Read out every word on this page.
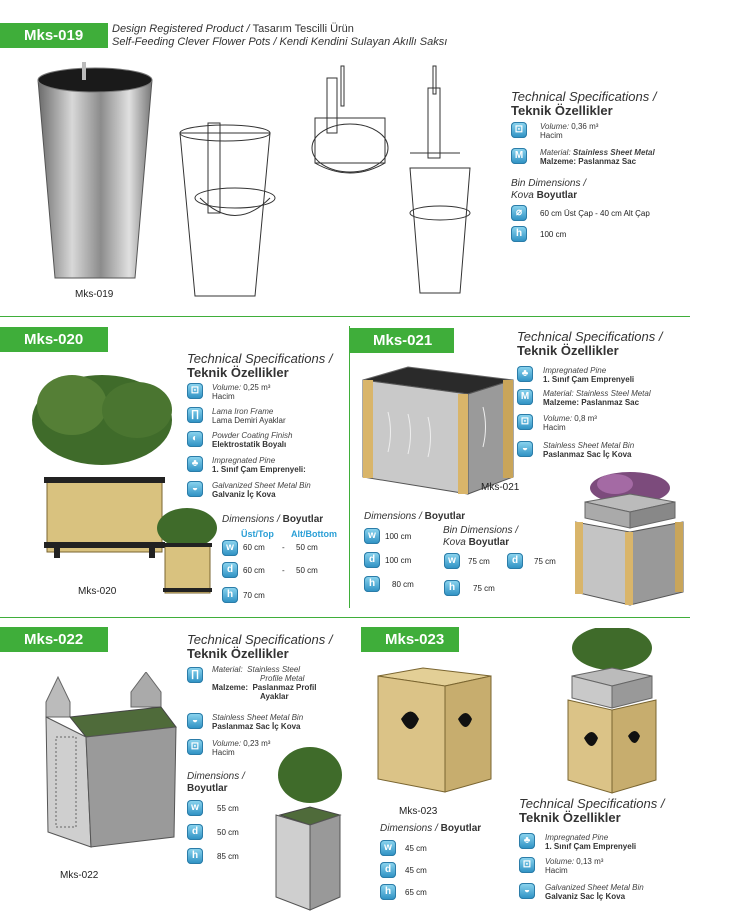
Mks-019	Design Registered Product / Tasarım Tescilli Ürün
Self-Feeding Clever Flower Pots / Kendi Kendini Sulayan Akıllı Saksı
Mks-019
Technical Specifications /
Teknik Özellikler
⊡	Volume: 0,36 m³
Hacim
M	Material: Stainless Sheet Metal
Malzeme: Paslanmaz Sac
Bin Dimensions /
Kova Boyutlar
⌀	60 cm Üst Çap - 40 cm Alt Çap
h	100 cm
Mks-020
Mks-020
Technical Specifications /
Teknik Özellikler
⊡	Volume: 0,25 m³
Hacim
∏	Lama Iron Frame
Lama Demiri Ayaklar
◐	Powder Coating Finish
Elektrostatik Boyalı
♣	Impregnated Pine
1. Sınıf Çam Emprenyeli:
◒	Galvanized Sheet Metal Bin
Galvaniz İç Kova
Dimensions / Boyutlar
Üst/Top Alt/Bottom
w	60 cm - 50 cm
d	60 cm - 50 cm
h	70 cm
Mks-021
Mks-021
Technical Specifications /
Teknik Özellikler
♣	Impregnated Pine
1. Sınıf Çam Emprenyeli
M	Material: Stainless Steel Metal
Malzeme: Paslanmaz Sac
⊡	Volume: 0,8 m³
Hacim
◒	Stainless Sheet Metal Bin
Paslanmaz Sac İç Kova
Dimensions / Boyutlar
w	100 cm
d	100 cm
h	80 cm
Bin Dimensions /
Kova Boyutlar
w	75 cm	d	75 cm
h	75 cm
Mks-022
Mks-022
Technical Specifications /
Teknik Özellikler
∏	Material: Stainless Steel
Profile Metal
Malzeme: Paslanmaz Profil
Ayaklar
◒	Stainless Sheet Metal Bin
Paslanmaz Sac İç Kova
⊡	Volume: 0,23 m³
Hacim
Dimensions /
Boyutlar
w	55 cm
d	50 cm
h	85 cm
Mks-023
Mks-023
Dimensions / Boyutlar
w	45 cm
d	45 cm
h	65 cm
Technical Specifications /
Teknik Özellikler
♣	Impregnated Pine
1. Sınıf Çam Emprenyeli
⊡	Volume: 0,13 m³
Hacim
◒	Galvanized Sheet Metal Bin
Galvaniz Sac İç Kova
